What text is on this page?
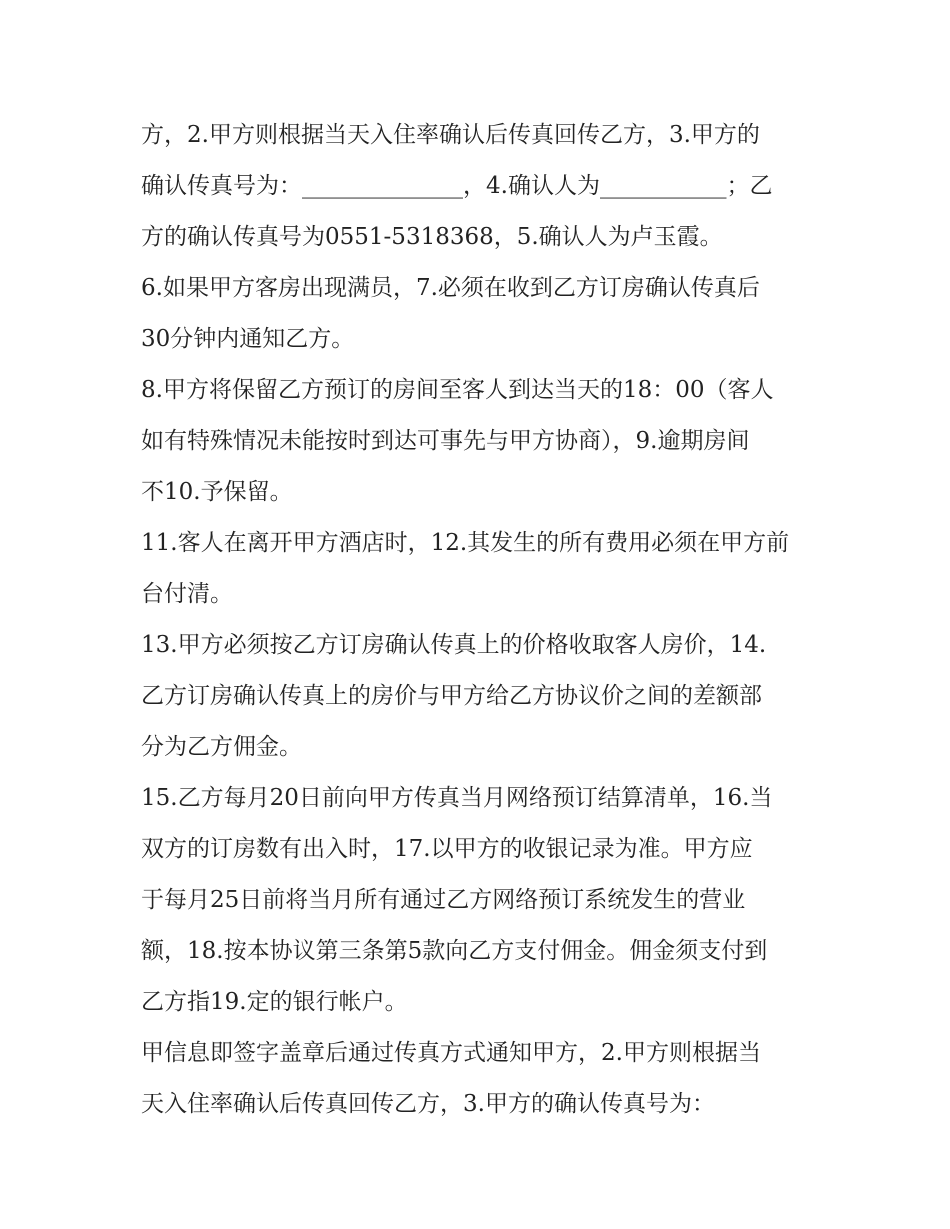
方，2.甲方则根据当天入住率确认后传真回传乙方，3.甲方的
确认传真号为：______________，4.确认人为___________；乙
方的确认传真号为0551-5318368，5.确认人为卢玉霞。

6.如果甲方客房出现满员，7.必须在收到乙方订房确认传真后
30分钟内通知乙方。

8.甲方将保留乙方预订的房间至客人到达当天的18：00（客人
如有特殊情况未能按时到达可事先与甲方协商），9.逾期房间
不10.予保留。

11.客人在离开甲方酒店时，12.其发生的所有费用必须在甲方前
台付清。

13.甲方必须按乙方订房确认传真上的价格收取客人房价，14.
乙方订房确认传真上的房价与甲方给乙方协议价之间的差额部
分为乙方佣金。

15.乙方每月20日前向甲方传真当月网络预订结算清单，16.当
双方的订房数有出入时，17.以甲方的收银记录为准。甲方应
于每月25日前将当月所有通过乙方网络预订系统发生的营业
额，18.按本协议第三条第5款向乙方支付佣金。佣金须支付到
乙方指19.定的银行帐户。

甲信息即签字盖章后通过传真方式通知甲方，2.甲方则根据当
天入住率确认后传真回传乙方，3.甲方的确认传真号为：
